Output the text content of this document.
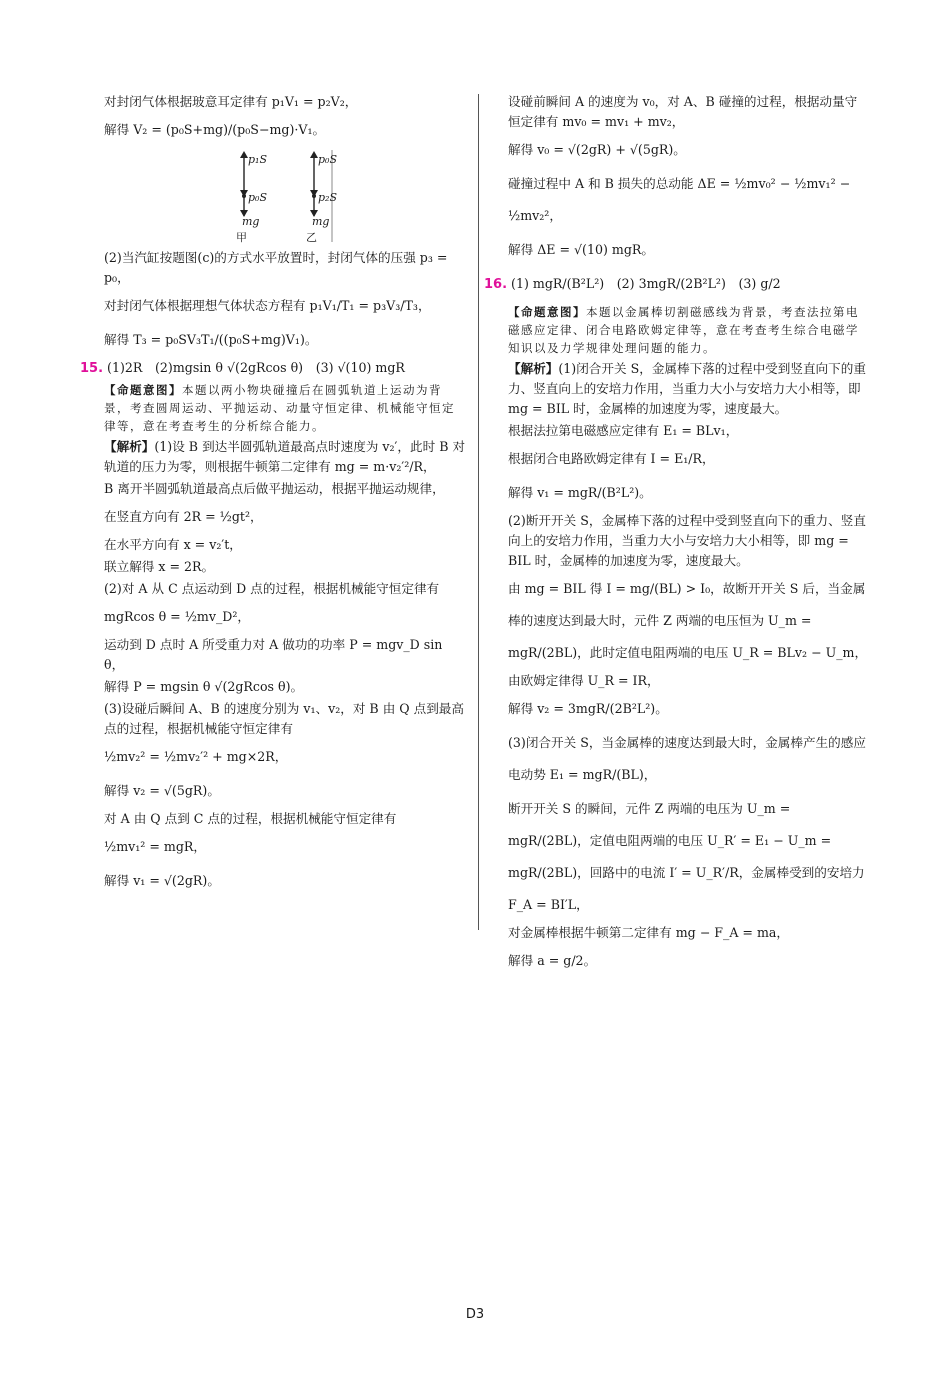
对封闭气体根据玻意耳定律有 p₁V₁ = p₂V₂，

解得 V₂ = (p₀S+mg)/(p₀S−mg)·V₁。

p₁S
p₀S
mg
甲
p₀S
p₂S
mg
乙

(2)当汽缸按题图(c)的方式水平放置时，封闭气体的压强 p₃ = p₀，

对封闭气体根据理想气体状态方程有 p₁V₁/T₁ = p₃V₃/T₃，

解得 T₃ = p₀SV₃T₁/((p₀S+mg)V₁)。

15. (1)2R　(2)mgsin θ √(2gRcos θ)　(3) √(10) mgR

【命题意图】本题以两小物块碰撞后在圆弧轨道上运动为背景，考查圆周运动、平抛运动、动量守恒定律、机械能守恒定律等，意在考查考生的分析综合能力。

【解析】(1)设 B 到达半圆弧轨道最高点时速度为 v₂′，此时 B 对轨道的压力为零，则根据牛顿第二定律有 mg = m·v₂′²/R，

B 离开半圆弧轨道最高点后做平抛运动，根据平抛运动规律，

在竖直方向有 2R = ½gt²，

在水平方向有 x = v₂′t，

联立解得 x = 2R。

(2)对 A 从 C 点运动到 D 点的过程，根据机械能守恒定律有

mgRcos θ = ½mv_D²，

运动到 D 点时 A 所受重力对 A 做功的功率 P = mgv_D sin θ，

解得 P = mgsin θ √(2gRcos θ)。

(3)设碰后瞬间 A、B 的速度分别为 v₁、v₂，对 B 由 Q 点到最高点的过程，根据机械能守恒定律有

½mv₂² = ½mv₂′² + mg×2R，

解得 v₂ = √(5gR)。

对 A 由 Q 点到 C 点的过程，根据机械能守恒定律有

½mv₁² = mgR，

解得 v₁ = √(2gR)。

设碰前瞬间 A 的速度为 v₀，对 A、B 碰撞的过程，根据动量守恒定律有 mv₀ = mv₁ + mv₂，

解得 v₀ = √(2gR) + √(5gR)。

碰撞过程中 A 和 B 损失的总动能 ΔE = ½mv₀² − ½mv₁² − ½mv₂²，

解得 ΔE = √(10) mgR。

16. (1) mgR/(B²L²)　(2) 3mgR/(2B²L²)　(3) g/2

【命题意图】本题以金属棒切割磁感线为背景，考查法拉第电磁感应定律、闭合电路欧姆定律等，意在考查考生综合电磁学知识以及力学规律处理问题的能力。

【解析】(1)闭合开关 S，金属棒下落的过程中受到竖直向下的重力、竖直向上的安培力作用，当重力大小与安培力大小相等，即 mg = BIL 时，金属棒的加速度为零，速度最大。

根据法拉第电磁感应定律有 E₁ = BLv₁，

根据闭合电路欧姆定律有 I = E₁/R，

解得 v₁ = mgR/(B²L²)。

(2)断开开关 S，金属棒下落的过程中受到竖直向下的重力、竖直向上的安培力作用，当重力大小与安培力大小相等，即 mg = BIL 时，金属棒的加速度为零，速度最大。

由 mg = BIL 得 I = mg/(BL) > I₀，故断开开关 S 后，当金属棒的速度达到最大时，元件 Z 两端的电压恒为 U_m = mgR/(2BL)，此时定值电阻两端的电压 U_R = BLv₂ − U_m，

由欧姆定律得 U_R = IR，

解得 v₂ = 3mgR/(2B²L²)。

(3)闭合开关 S，当金属棒的速度达到最大时，金属棒产生的感应电动势 E₁ = mgR/(BL)，

断开开关 S 的瞬间，元件 Z 两端的电压为 U_m = mgR/(2BL)，定值电阻两端的电压 U_R′ = E₁ − U_m = mgR/(2BL)，回路中的电流 I′ = U_R′/R，金属棒受到的安培力 F_A = BI′L，

对金属棒根据牛顿第二定律有 mg − F_A = ma，

解得 a = g/2。

D3
